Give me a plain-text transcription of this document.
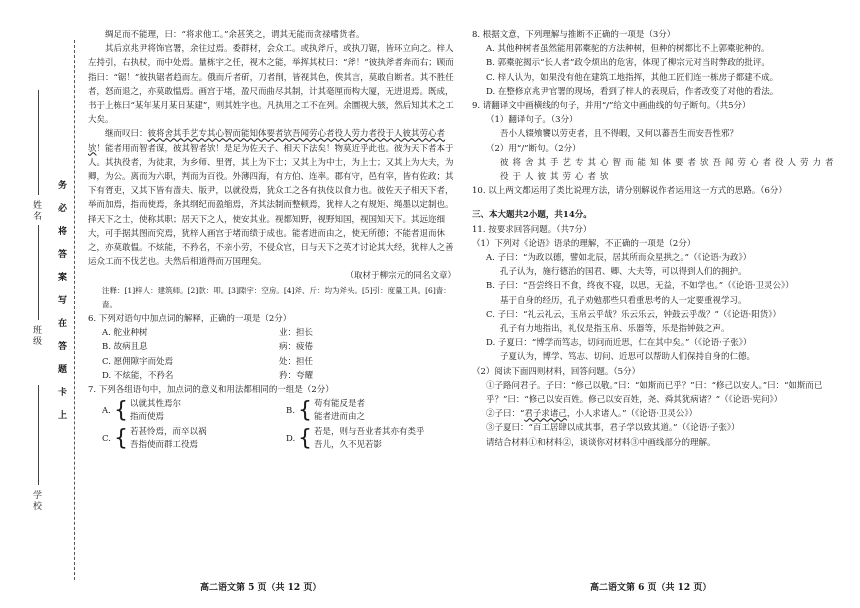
学校
班级
姓名 务必将答案写在答题卡上

绸足而不能理，曰：“将求他工。”余甚笑之，谓其无能而贪禄嗜货者。

其后京兆尹将饰官署，余往过焉。委群材，会众工。或执斧斤，或执刀锯，皆环立向之。梓人左持引，右执杖，而中处焉。量栋宇之任，视木之能，举挥其杖曰：“斧！”彼执斧者奔而右；顾而指曰：“锯！”彼执锯者趋而左。俄而斤者斫，刀者削，皆视其色，俟其言，莫敢自断者。其不胜任者，怒而退之，亦莫敢愠焉。画宫于堵，盈尺而曲尽其制，计其毫厘而构大厦，无进退焉。既成，书于上栋曰“某年某月某日某建”，则其姓字也。凡执用之工不在列。余圜视大骇，然后知其术之工大矣。

继而叹曰：彼将舍其手艺专其心智而能知体要者欤吾闻劳心者役人劳力者役于人彼其劳心者欤！能者用而智者谋，彼其智者欤！是足为佐天子、相天下法矣！物莫近乎此也。彼为天下者本于人。其执役者，为徒隶，为乡师、里胥，其上为下士；又其上为中士，为上士；又其上为大夫，为卿，为公。离而为六职，判而为百役。外薄四海，有方伯、连率。郡有守，邑有宰，皆有佐政；其下有胥吏，又其下皆有啬夫、版尹，以就役焉，犹众工之各有执伎以食力也。彼佐天子相天下者，举而加焉，指而使焉，条其纲纪而盈缩焉，齐其法制而整顿焉，犹梓人之有规矩、绳墨以定制也。择天下之士，使称其职；居天下之人，使安其业。视都知野，视野知国，视国知天下。其远迩细大，可手据其图而究焉，犹梓人画宫于堵而绩于成也。能者进而由之，使无所德；不能者退而休之，亦莫敢愠。不炫能，不矜名，不亲小劳，不侵众官，日与天下之英才讨论其大经，犹梓人之善运众工而不伐艺也。夫然后相道得而万国理矣。

（取材于柳宗元的同名文章）

注释：[1]梓人：建筑师。[2]款：叩。[3]隙宇：空房。[4]斧、斤：均为斧头。[5]引：度量工具。[6]啬：啬。

6. 下列对语句中加点词的解释，正确的一项是（2分）

A. 舵业种树	业：担长
B. 故病且息	病：疲倦
C. 愿佣隙宇而处焉	处：担任
D. 不炫能，不矜名	矜：夸耀

7. 下列各组语句中，加点词的意义和用法都相同的一组是（2分）

A. { 以就其性焉尔
指而使焉
B. { 苟有能反是者
能者进而由之
C. { 若甚怜焉，而卒以祸
吾指使而群工役焉
D. { 若是，则与吾业者其亦有类乎
吾儿，久不见若影

8. 根据文意，下列理解与推断不正确的一项是（3分）

A. 其他种树者虽然能用郭橐驼的方法种树，但种的树都比不上郭橐驼种的。

B. 郭橐驼揭示“长人者”政令烦出的危害，体现了柳宗元对当时弊政的批评。

C. 梓人认为，如果没有他在建筑工地指挥，其他工匠们连一栋房子都建不成。

D. 在整修京兆尹官署的现场，看到了梓人的表现后，作者改变了对他的看法。

9. 请翻译文中画横线的句子，并用“/”给文中画曲线的句子断句。（共5分）

（1）翻译句子。（3分）

吾小人辍飧饔以劳吏者，且不得暇，又何以蕃吾生而安吾性邪？

（2）用“/”断句。（2分）

彼将舍其手艺专其心智而能知体要者欤吾闻劳心者役人劳力者役于人彼其劳心者欤

10. 以上两文都运用了类比说理方法，请分别解说作者运用这一方式的思路。（6分）

三、本大题共2小题，共14分。

11. 按要求回答问题。（共7分）

（1）下列对《论语》语录的理解，不正确的一项是（2分）

A. 子曰：“为政以德，譬如北辰，居其所而众星拱之。”（《论语·为政》）

孔子认为，施行德治的国君、卿、大夫等，可以得到人们的拥护。

B. 子曰：“吾尝终日不食，终夜不寝，以思，无益，不如学也。”（《论语·卫灵公》）

基于自身的经历，孔子劝勉那些只看重思考的人一定要重视学习。

C. 子曰：“礼云礼云，玉帛云乎哉？乐云乐云，钟鼓云乎哉？”（《论语·阳货》）

孔子有力地指出，礼仪是指玉帛、乐器等，乐是指钟鼓之声。

D. 子夏曰：“博学而笃志，切问而近思，仁在其中矣。”（《论语·子张》）

子夏认为，博学、笃志、切问、近思可以帮助人们保持自身的仁德。

（2）阅读下面四则材料，回答问题。（5分）

①子路问君子。子曰：“修己以敬。”曰：“如斯而已乎？”曰：“修己以安人。”曰：“如斯而已乎？”曰：“修己以安百姓。修己以安百姓，尧、舜其犹病诸？”（《论语·宪问》）

②子曰：“君子求诸己，小人求诸人。”（《论语·卫灵公》）

③子夏曰：“百工居肆以成其事，君子学以致其道。”（《论语·子张》）

请结合材料①和材料②，谈谈你对材料③中画线部分的理解。

高二语文第 5 页（共 12 页）	高二语文第 6 页（共 12 页）
